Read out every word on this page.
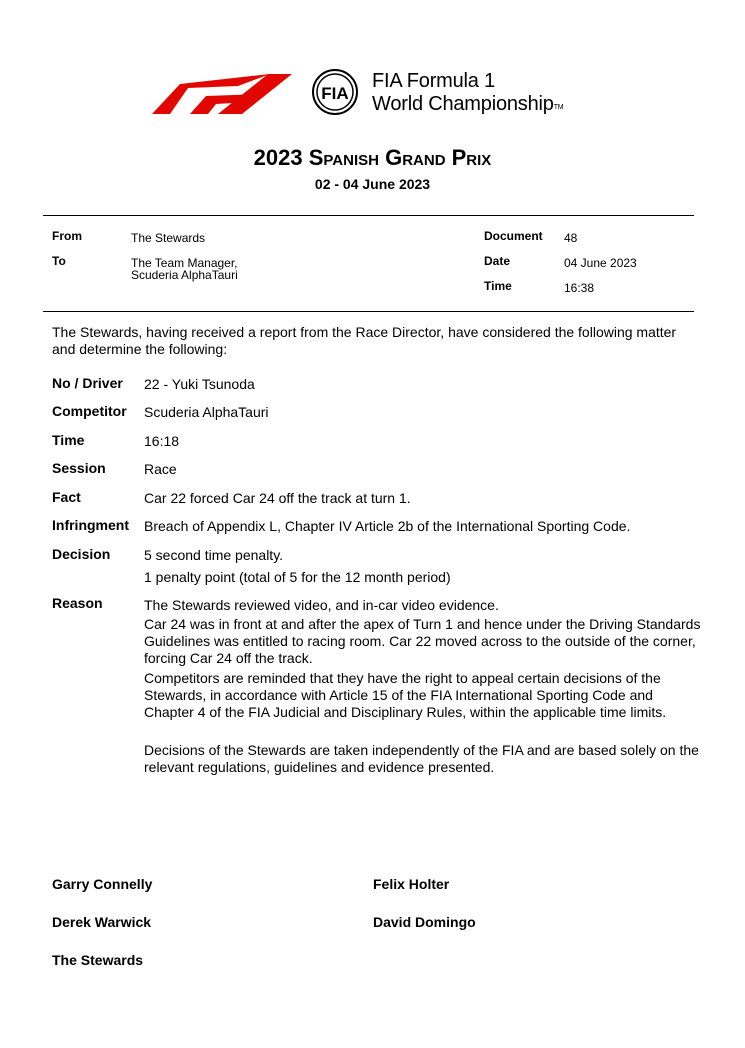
FIA
FIA Formula 1
World ChampionshipTM
2023 Spanish Grand Prix
02 - 04 June 2023
From	The Stewards
To	The Team Manager,
Scuderia AlphaTauri
Document 48
Date	04 June 2023
Time	16:38
The Stewards, having received a report from the Race Director, have considered the following matter and determine the following:
No / Driver 22 - Yuki Tsunoda
Competitor Scuderia AlphaTauri
Time	16:18
Session	Race
Fact	Car 22 forced Car 24 off the track at turn 1.
Infringment Breach of Appendix L, Chapter IV Article 2b of the International Sporting Code.
Decision 5 second time penalty.
1 penalty point (total of 5 for the 12 month period)
Reason	The Stewards reviewed video, and in-car video evidence.
Car 24 was in front at and after the apex of Turn 1 and hence under the Driving Standards Guidelines was entitled to racing room. Car 22 moved across to the outside of the corner, forcing Car 24 off the track.
Competitors are reminded that they have the right to appeal certain decisions of the Stewards, in accordance with Article 15 of the FIA International Sporting Code and Chapter 4 of the FIA Judicial and Disciplinary Rules, within the applicable time limits.
Decisions of the Stewards are taken independently of the FIA and are based solely on the relevant regulations, guidelines and evidence presented.
Garry Connelly	Felix Holter
Derek Warwick	David Domingo
The Stewards
